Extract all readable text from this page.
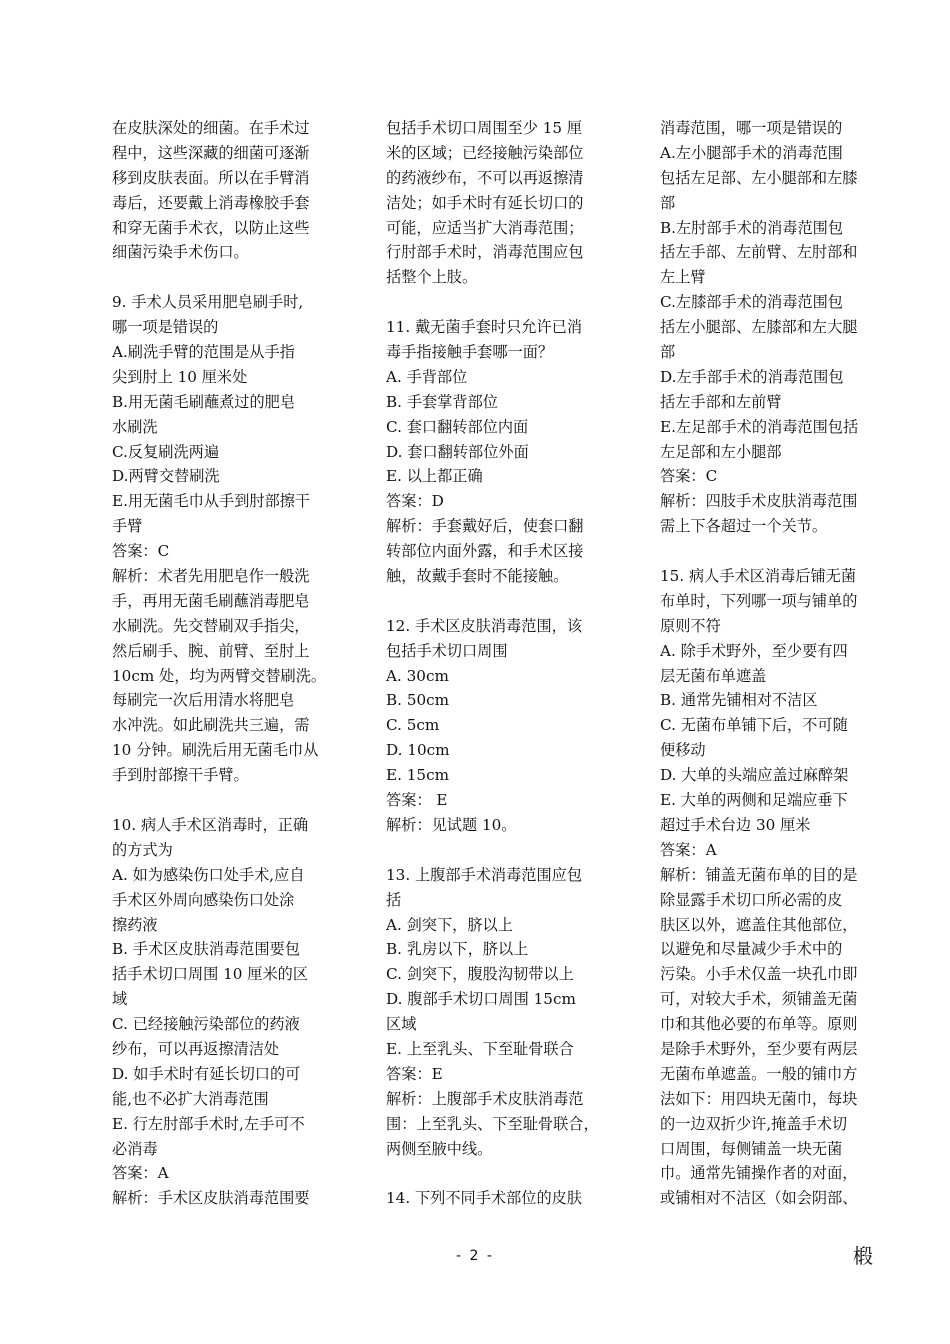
在皮肤深处的细菌。在手术过
程中，这些深藏的细菌可逐渐
移到皮肤表面。所以在手臂消
毒后，还要戴上消毒橡胶手套
和穿无菌手术衣，以防止这些
细菌污染手术伤口。
9. 手术人员采用肥皂刷手时,
哪一项是错误的
A.刷洗手臂的范围是从手指
尖到肘上 10 厘米处
B.用无菌毛刷蘸煮过的肥皂
水刷洗
C.反复刷洗两遍
D.两臂交替刷洗
E.用无菌毛巾从手到肘部擦干
手臂
答案：C
解析：术者先用肥皂作一般洗
手，再用无菌毛刷蘸消毒肥皂
水刷洗。先交替刷双手指尖，
然后刷手、腕、前臂、至肘上
10cm 处，均为两臂交替刷洗。
每刷完一次后用清水将肥皂
水冲洗。如此刷洗共三遍，需
10 分钟。刷洗后用无菌毛巾从
手到肘部擦干手臂。
10. 病人手术区消毒时，正确
的方式为
A. 如为感染伤口处手术,应自
手术区外周向感染伤口处涂
擦药液
B. 手术区皮肤消毒范围要包
括手术切口周围 10 厘米的区
域
C. 已经接触污染部位的药液
纱布，可以再返擦清洁处
D. 如手术时有延长切口的可
能,也不必扩大消毒范围
E. 行左肘部手术时,左手可不
必消毒
答案：A
解析：手术区皮肤消毒范围要
包括手术切口周围至少 15 厘
米的区域；已经接触污染部位
的药液纱布，不可以再返擦清
洁处；如手术时有延长切口的
可能，应适当扩大消毒范围；
行肘部手术时，消毒范围应包
括整个上肢。
11. 戴无菌手套时只允许已消
毒手指接触手套哪一面？
A. 手背部位
B. 手套掌背部位
C. 套口翻转部位内面
D. 套口翻转部位外面
E. 以上都正确
答案：D
解析：手套戴好后，使套口翻
转部位内面外露，和手术区接
触，故戴手套时不能接触。
12. 手术区皮肤消毒范围，该
包括手术切口周围
A. 30cm
B. 50cm
C. 5cm
D. 10cm
E. 15cm
答案： E
解析：见试题 10。
13. 上腹部手术消毒范围应包
括
A. 剑突下，脐以上
B. 乳房以下，脐以上
C. 剑突下，腹股沟韧带以上
D. 腹部手术切口周围 15cm
区域
E. 上至乳头、下至耻骨联合
答案：E
解析：上腹部手术皮肤消毒范
围：上至乳头、下至耻骨联合，
两侧至腋中线。
14. 下列不同手术部位的皮肤
消毒范围，哪一项是错误的
A.左小腿部手术的消毒范围
包括左足部、左小腿部和左膝
部
B.左肘部手术的消毒范围包
括左手部、左前臂、左肘部和
左上臂
C.左膝部手术的消毒范围包
括左小腿部、左膝部和左大腿
部
D.左手部手术的消毒范围包
括左手部和左前臂
E.左足部手术的消毒范围包括
左足部和左小腿部
答案：C
解析：四肢手术皮肤消毒范围
需上下各超过一个关节。
15. 病人手术区消毒后铺无菌
布单时，下列哪一项与铺单的
原则不符
A. 除手术野外，至少要有四
层无菌布单遮盖
B. 通常先铺相对不洁区
C. 无菌布单铺下后，不可随
便移动
D. 大单的头端应盖过麻醉架
E. 大单的两侧和足端应垂下
超过手术台边 30 厘米
答案：A
解析：铺盖无菌布单的目的是
除显露手术切口所必需的皮
肤区以外，遮盖住其他部位，
以避免和尽量减少手术中的
污染。小手术仅盖一块孔巾即
可，对较大手术，须铺盖无菌
巾和其他必要的布单等。原则
是除手术野外，至少要有两层
无菌布单遮盖。一般的铺巾方
法如下：用四块无菌巾，每块
的一边双折少许,掩盖手术切
口周围，每侧铺盖一块无菌
巾。通常先铺操作者的对面，
或铺相对不洁区（如会阴部、
- 2 -	椴
